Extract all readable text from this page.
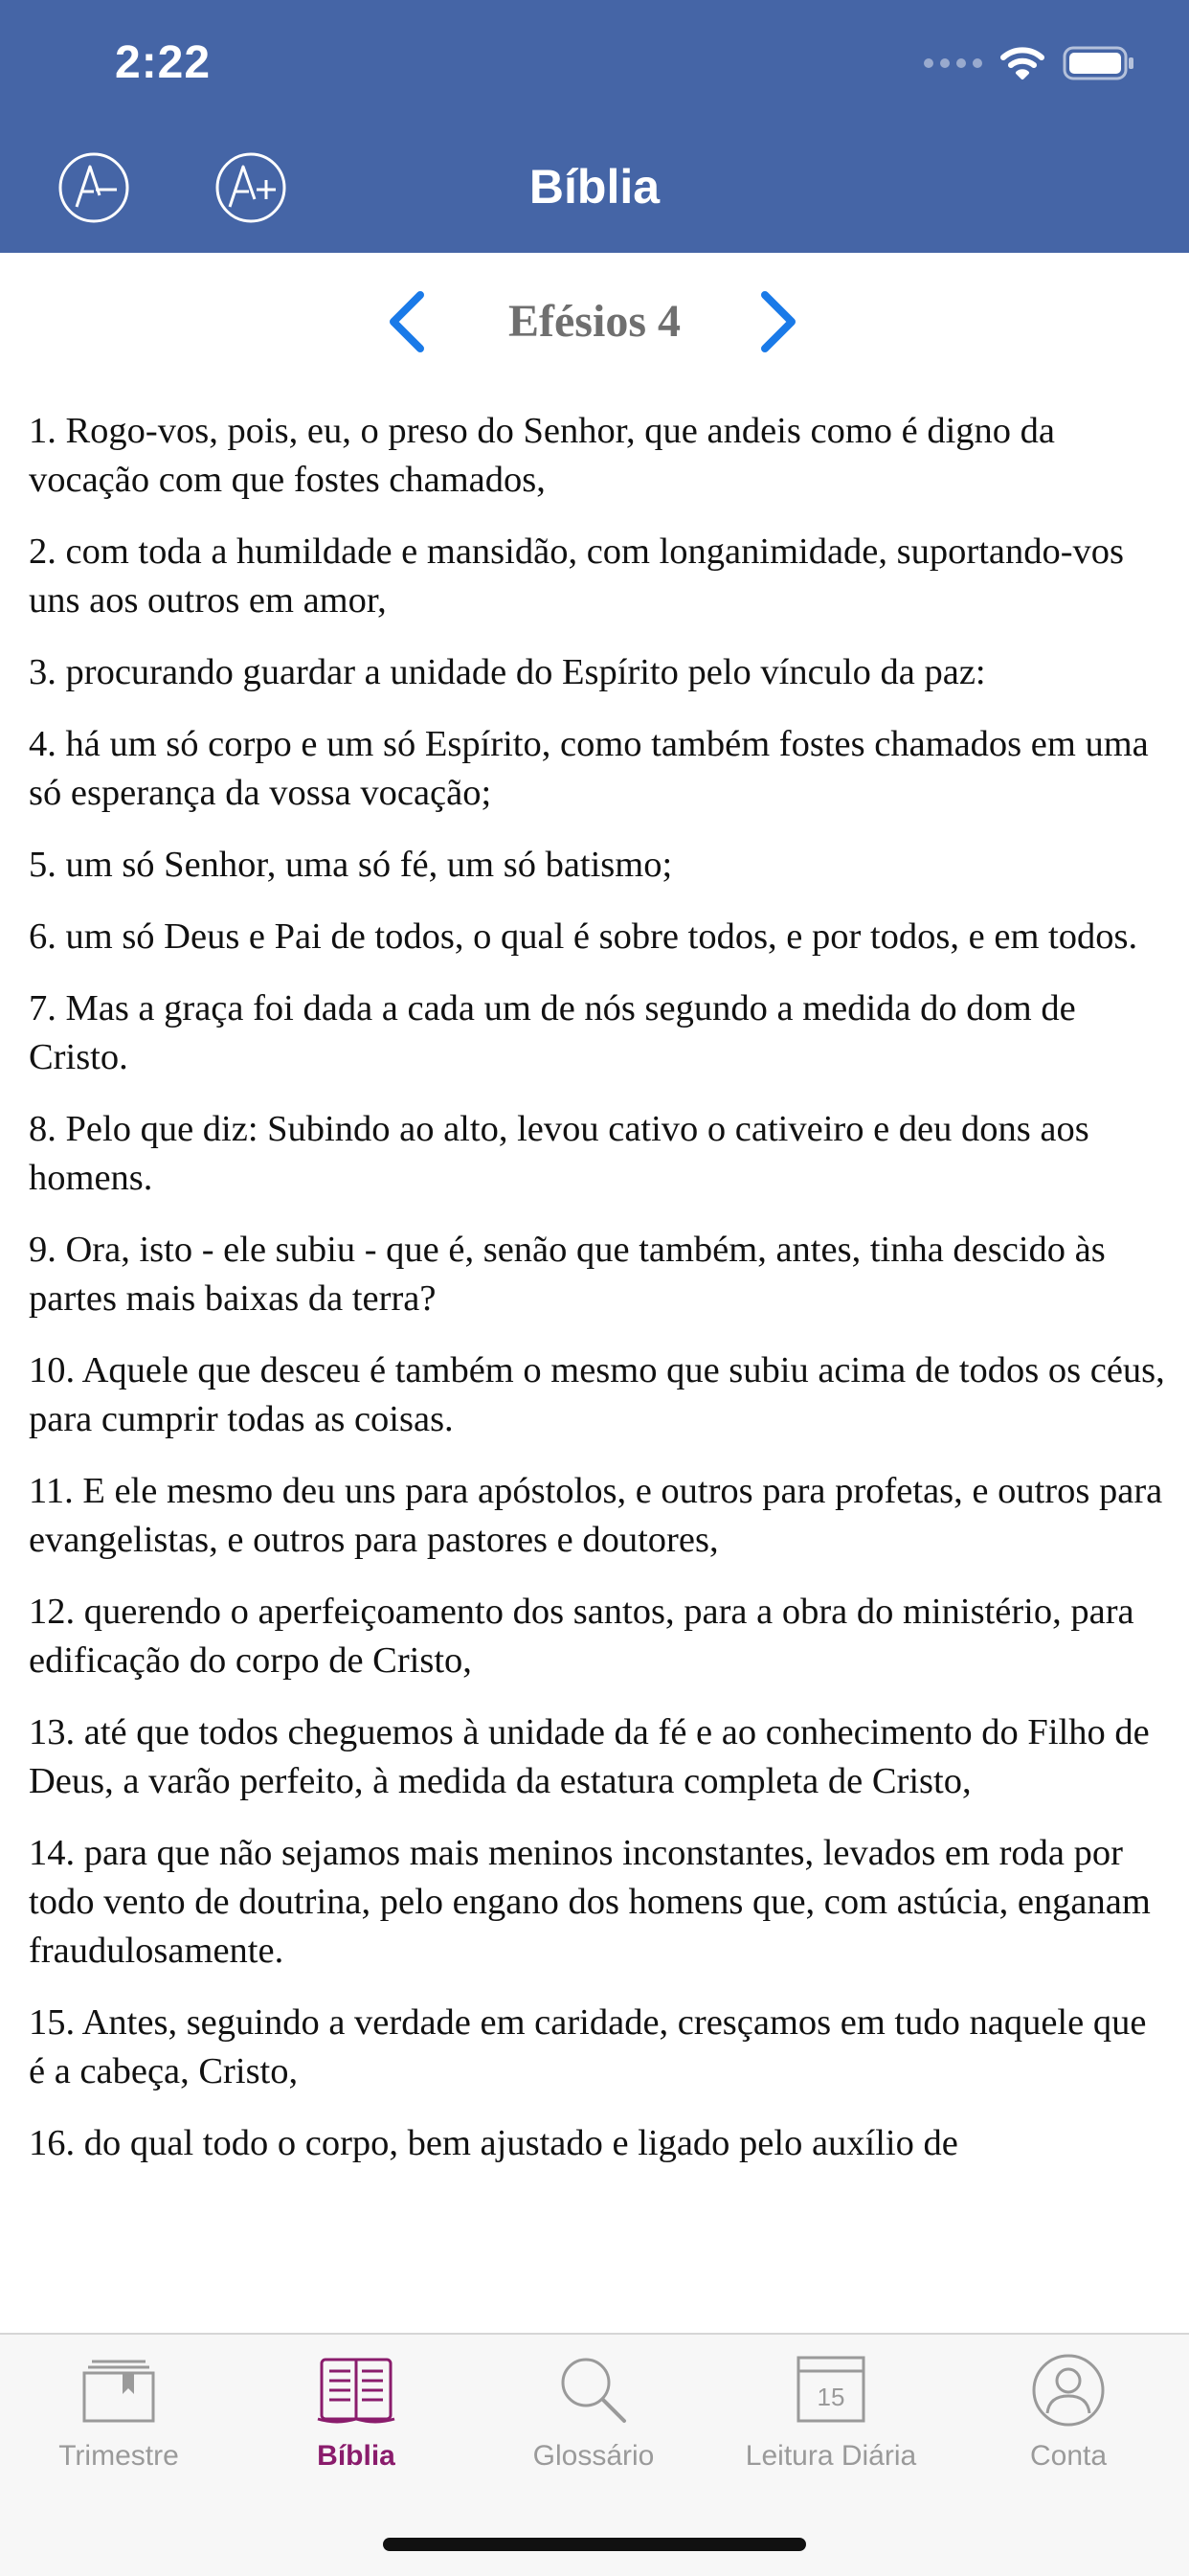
2:22
Bíblia
Efésios 4

1. Rogo-vos, pois, eu, o preso do Senhor, que andeis como é digno da vocação com que fostes chamados,

2. com toda a humildade e mansidão, com longanimidade, suportando-vos uns aos outros em amor,

3. procurando guardar a unidade do Espírito pelo vínculo da paz:

4. há um só corpo e um só Espírito, como também fostes chamados em uma só esperança da vossa vocação;

5. um só Senhor, uma só fé, um só batismo;

6. um só Deus e Pai de todos, o qual é sobre todos, e por todos, e em todos.

7. Mas a graça foi dada a cada um de nós segundo a medida do dom de Cristo.

8. Pelo que diz: Subindo ao alto, levou cativo o cativeiro e deu dons aos homens.

9. Ora, isto - ele subiu - que é, senão que também, antes, tinha descido às partes mais baixas da terra?

10. Aquele que desceu é também o mesmo que subiu acima de todos os céus, para cumprir todas as coisas.

11. E ele mesmo deu uns para apóstolos, e outros para profetas, e outros para evangelistas, e outros para pastores e doutores,

12. querendo o aperfeiçoamento dos santos, para a obra do ministério, para edificação do corpo de Cristo,

13. até que todos cheguemos à unidade da fé e ao conhecimento do Filho de Deus, a varão perfeito, à medida da estatura completa de Cristo,

14. para que não sejamos mais meninos inconstantes, levados em roda por todo vento de doutrina, pelo engano dos homens que, com astúcia, enganam fraudulosamente.

15. Antes, seguindo a verdade em caridade, cresçamos em tudo naquele que é a cabeça, Cristo,

16. do qual todo o corpo, bem ajustado e ligado pelo auxílio de

Trimestre	Bíblia	Glossário
15
Leitura Diária	Conta
